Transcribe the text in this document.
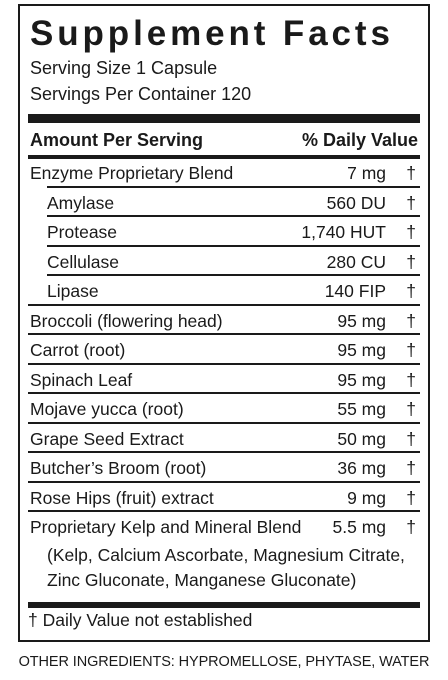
Supplement Facts
Serving Size 1 Capsule
Servings Per Container 120
Amount Per Serving	% Daily Value
Enzyme Proprietary Blend	7 mg †
Amylase	560 DU †
Protease	1,740 HUT †
Cellulase	280 CU †
Lipase	140 FIP †
Broccoli (flowering head)	95 mg †
Carrot (root)	95 mg †
Spinach Leaf	95 mg †
Mojave yucca (root)	55 mg †
Grape Seed Extract	50 mg †
Butcher’s Broom (root)	36 mg †
Rose Hips (fruit) extract	9 mg †
Proprietary Kelp and Mineral Blend 5.5 mg †
(Kelp, Calcium Ascorbate, Magnesium Citrate,
Zinc Gluconate, Manganese Gluconate)
† Daily Value not established
OTHER INGREDIENTS: HYPROMELLOSE, PHYTASE, WATER
